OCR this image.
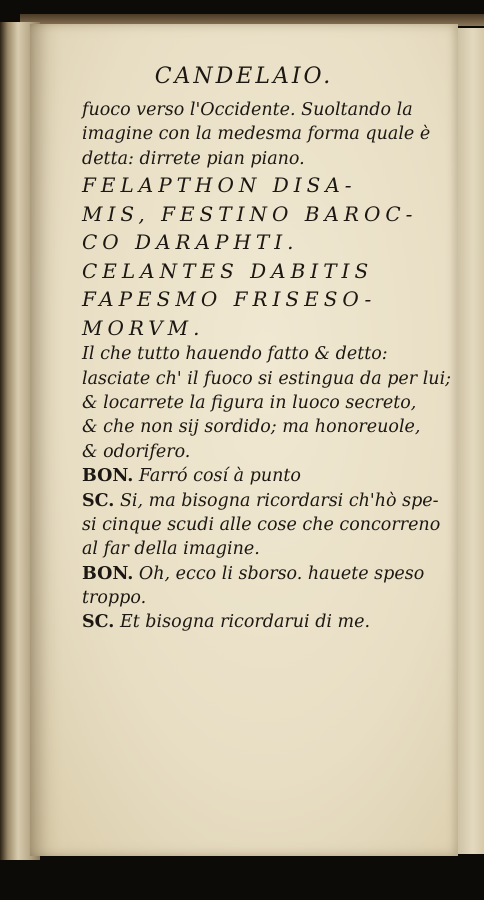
CANDELAIO.
fuoco verso l'Occidente. Suoltando la
imagine con la medesma forma quale è
detta: dirrete pian piano.
FELAPTHON DISA-
MIS, FESTINO BAROC-
CO DARAPHTI.
CELANTES DABITIS
FAPESMO FRISESO-
MORVM.
Il che tutto hauendo fatto & detto:
lasciate ch' il fuoco si estingua da per lui;
& locarrete la figura in luoco secreto,
& che non sij sordido; ma honoreuole,
& odorifero.
BON. Farró cosí à punto
SC. Si, ma bisogna ricordarsi ch'hò spe-
si cinque scudi alle cose che concorreno
al far della imagine.
BON. Oh, ecco li sborso. hauete speso
troppo.
SC. Et bisogna ricordarui di me.
